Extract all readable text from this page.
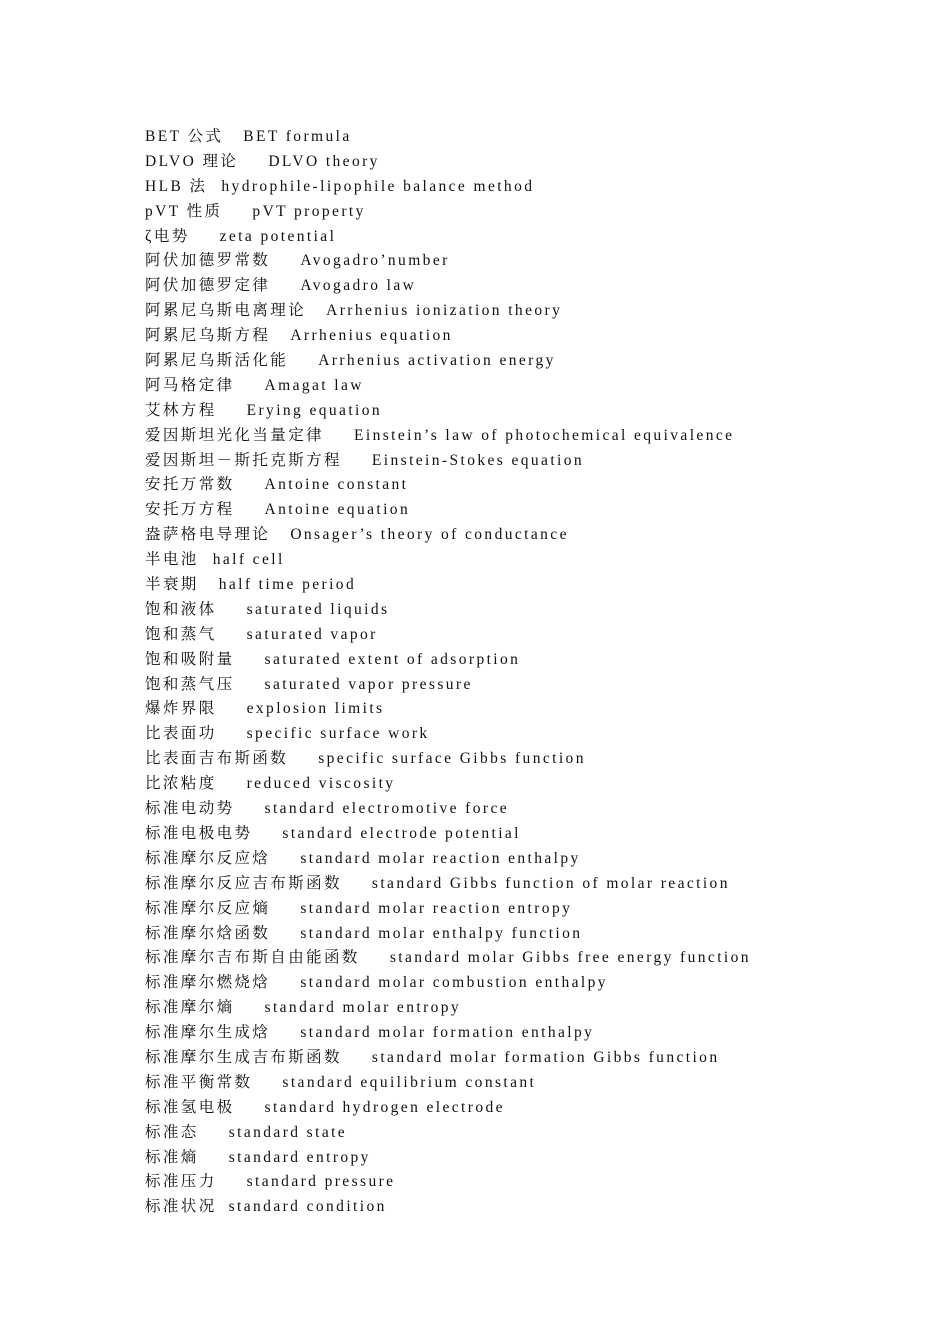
BET 公式 BET formula
DLVO 理论 DLVO theory
HLB 法 hydrophile-lipophile balance method
pVT 性质 pVT property
ζ电势 zeta potential
阿伏加德罗常数 Avogadro’number
阿伏加德罗定律 Avogadro law
阿累尼乌斯电离理论 Arrhenius ionization theory
阿累尼乌斯方程 Arrhenius equation
阿累尼乌斯活化能 Arrhenius activation energy
阿马格定律 Amagat law
艾林方程 Erying equation
爱因斯坦光化当量定律 Einstein’s law of photochemical equivalence
爱因斯坦－斯托克斯方程 Einstein-Stokes equation
安托万常数 Antoine constant
安托万方程 Antoine equation
盎萨格电导理论 Onsager’s theory of conductance
半电池 half cell
半衰期 half time period
饱和液体 saturated liquids
饱和蒸气 saturated vapor
饱和吸附量 saturated extent of adsorption
饱和蒸气压 saturated vapor pressure
爆炸界限 explosion limits
比表面功 specific surface work
比表面吉布斯函数 specific surface Gibbs function
比浓粘度 reduced viscosity
标准电动势 standard electromotive force
标准电极电势 standard electrode potential
标准摩尔反应焓 standard molar reaction enthalpy
标准摩尔反应吉布斯函数 standard Gibbs function of molar reaction
标准摩尔反应熵 standard molar reaction entropy
标准摩尔焓函数 standard molar enthalpy function
标准摩尔吉布斯自由能函数 standard molar Gibbs free energy function
标准摩尔燃烧焓 standard molar combustion enthalpy
标准摩尔熵 standard molar entropy
标准摩尔生成焓 standard molar formation enthalpy
标准摩尔生成吉布斯函数 standard molar formation Gibbs function
标准平衡常数 standard equilibrium constant
标准氢电极 standard hydrogen electrode
标准态 standard state
标准熵 standard entropy
标准压力 standard pressure
标准状况 standard condition
